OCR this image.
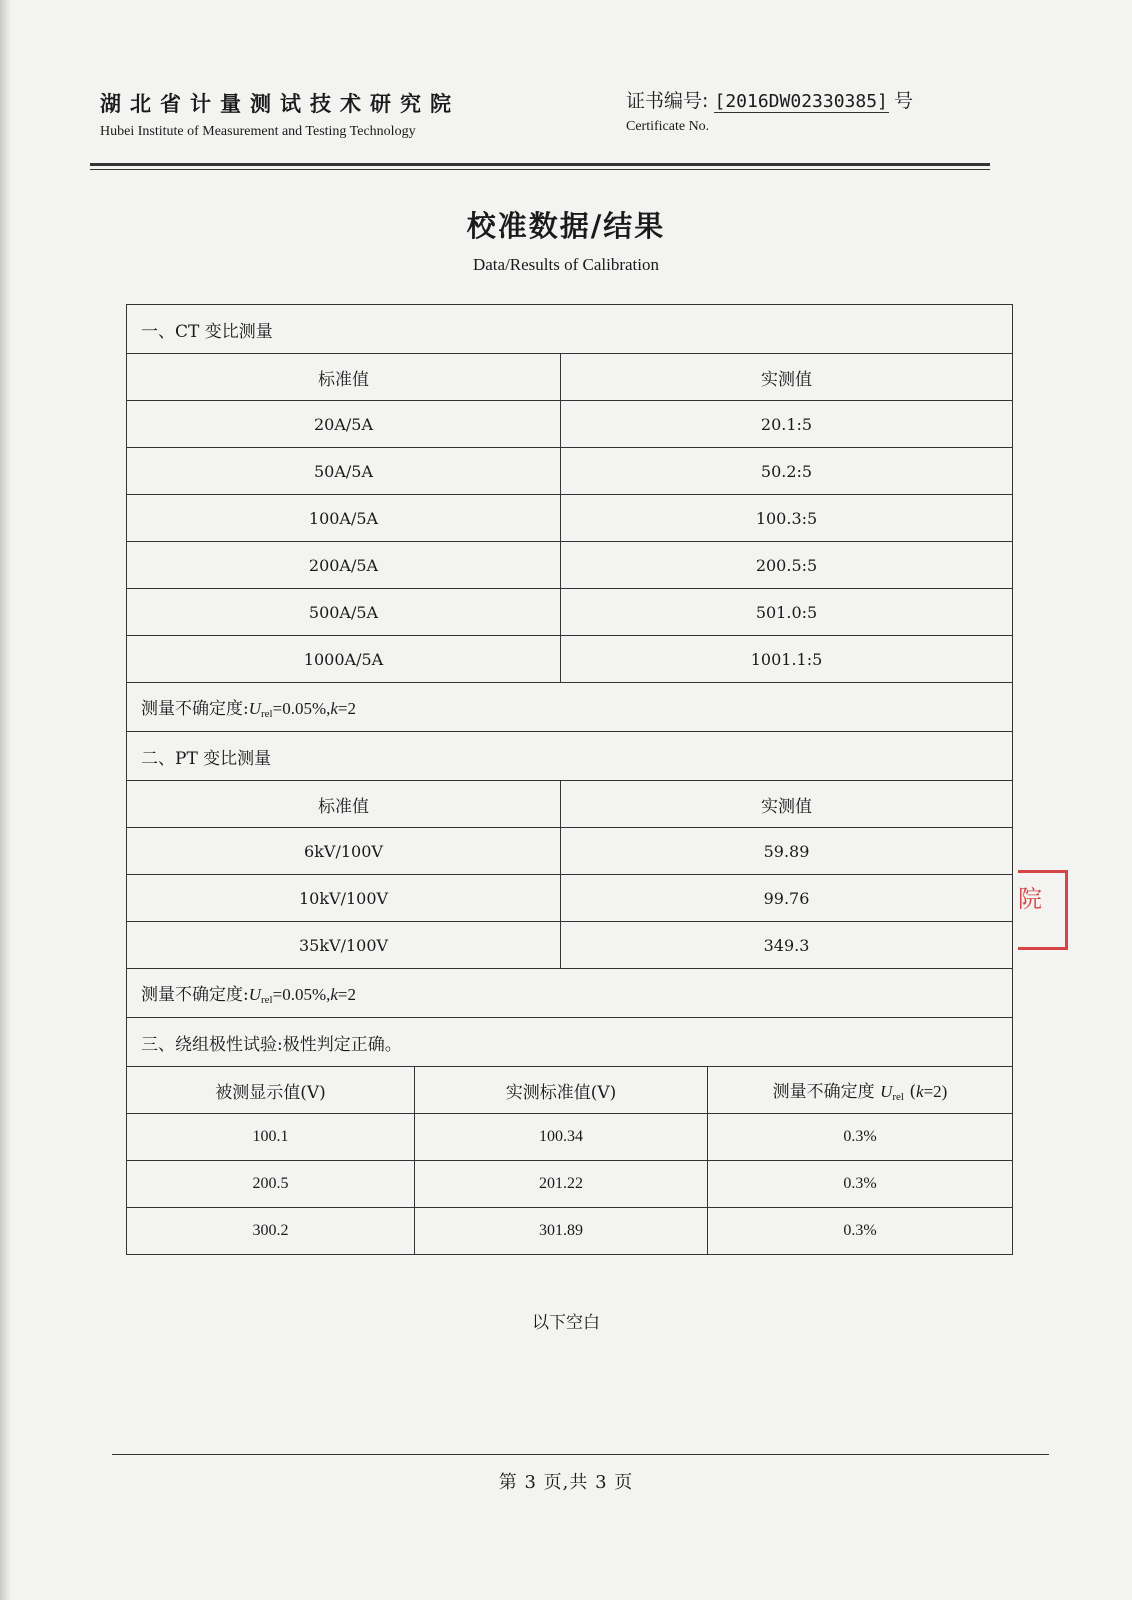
湖北省计量测试技术研究院
Hubei Institute of Measurement and Testing Technology
证书编号: [2016DW02330385] 号
Certificate No.
校准数据/结果
Data/Results of Calibration
一、CT 变比测量			
标准值		实测值	
20A/5A		20.1:5	
50A/5A		50.2:5	
100A/5A		100.3:5	
200A/5A		200.5:5	
500A/5A		501.0:5	
1000A/5A		1001.1:5	
测量不确定度$:U_{rel}=0.05\%,k=2$			
二、PT 变比测量			
标准值		实测值	
6kV/100V		59.89	
10kV/100V		99.76	
35kV/100V		349.3	
测量不确定度$:U_{rel}=0.05\%,k=2$			
三、绕组极性试验:极性判定正确。			
被测显示值(V)	实测标准值(V)		测量不确定度 $U_{rel}$ (k=2)
100.1	100.34		0.3%
200.5	201.22		0.3%
300.2	301.89		0.3%
院
以下空白
第 3 页,共 3 页
